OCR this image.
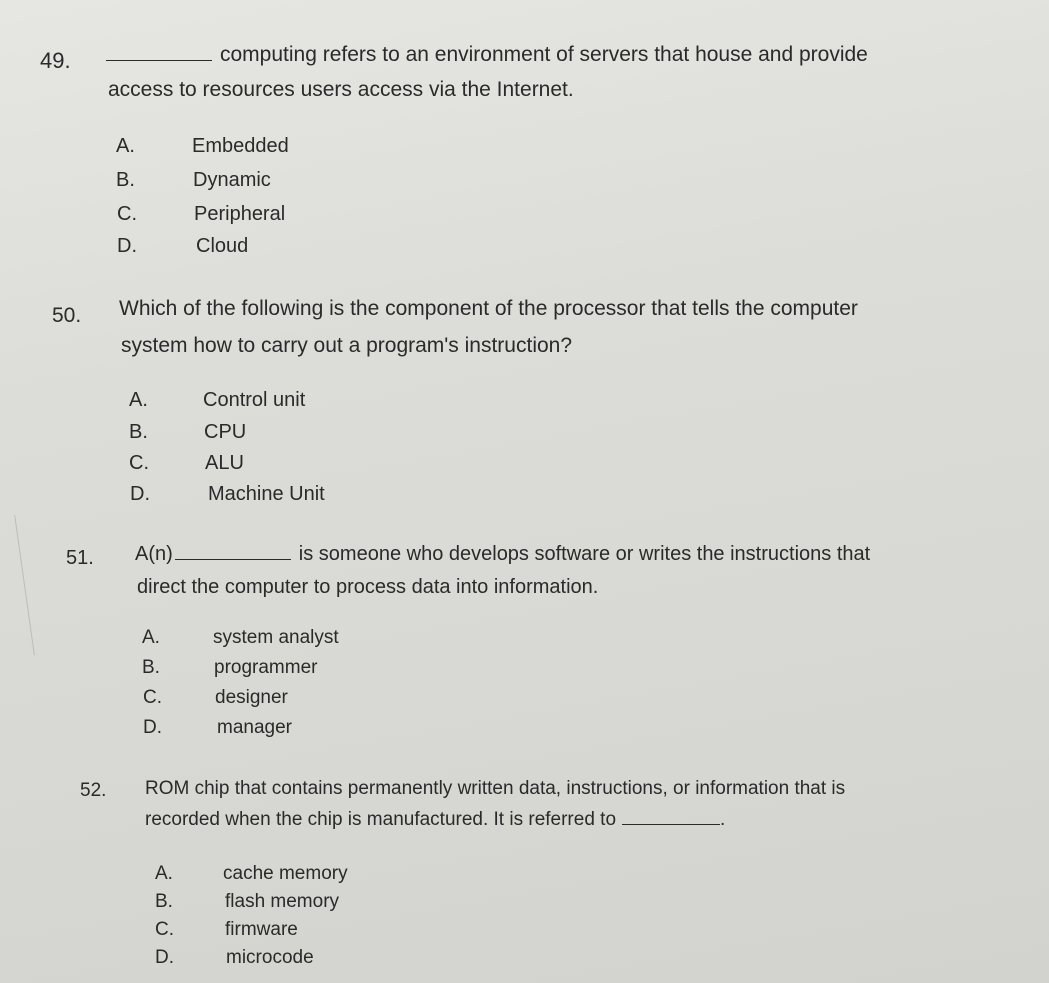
49.	computing refers to an environment of servers that house and provide
access to resources users access via the Internet.
A.	Embedded
B.	Dynamic
C.	Peripheral
D.	Cloud
50. Which of the following is the component of the processor that tells the computer
system how to carry out a program's instruction?
A.	Control unit
B.	CPU
C.	ALU
D.	Machine Unit
51. A(n)	is someone who develops software or writes the instructions that
direct the computer to process data into information.
A.	system analyst
B.	programmer
C.	designer
D.	manager
52. ROM chip that contains permanently written data, instructions, or information that is
recorded when the chip is manufactured. It is referred to	.
A.	cache memory
B.	flash memory
C.	firmware
D.	microcode
